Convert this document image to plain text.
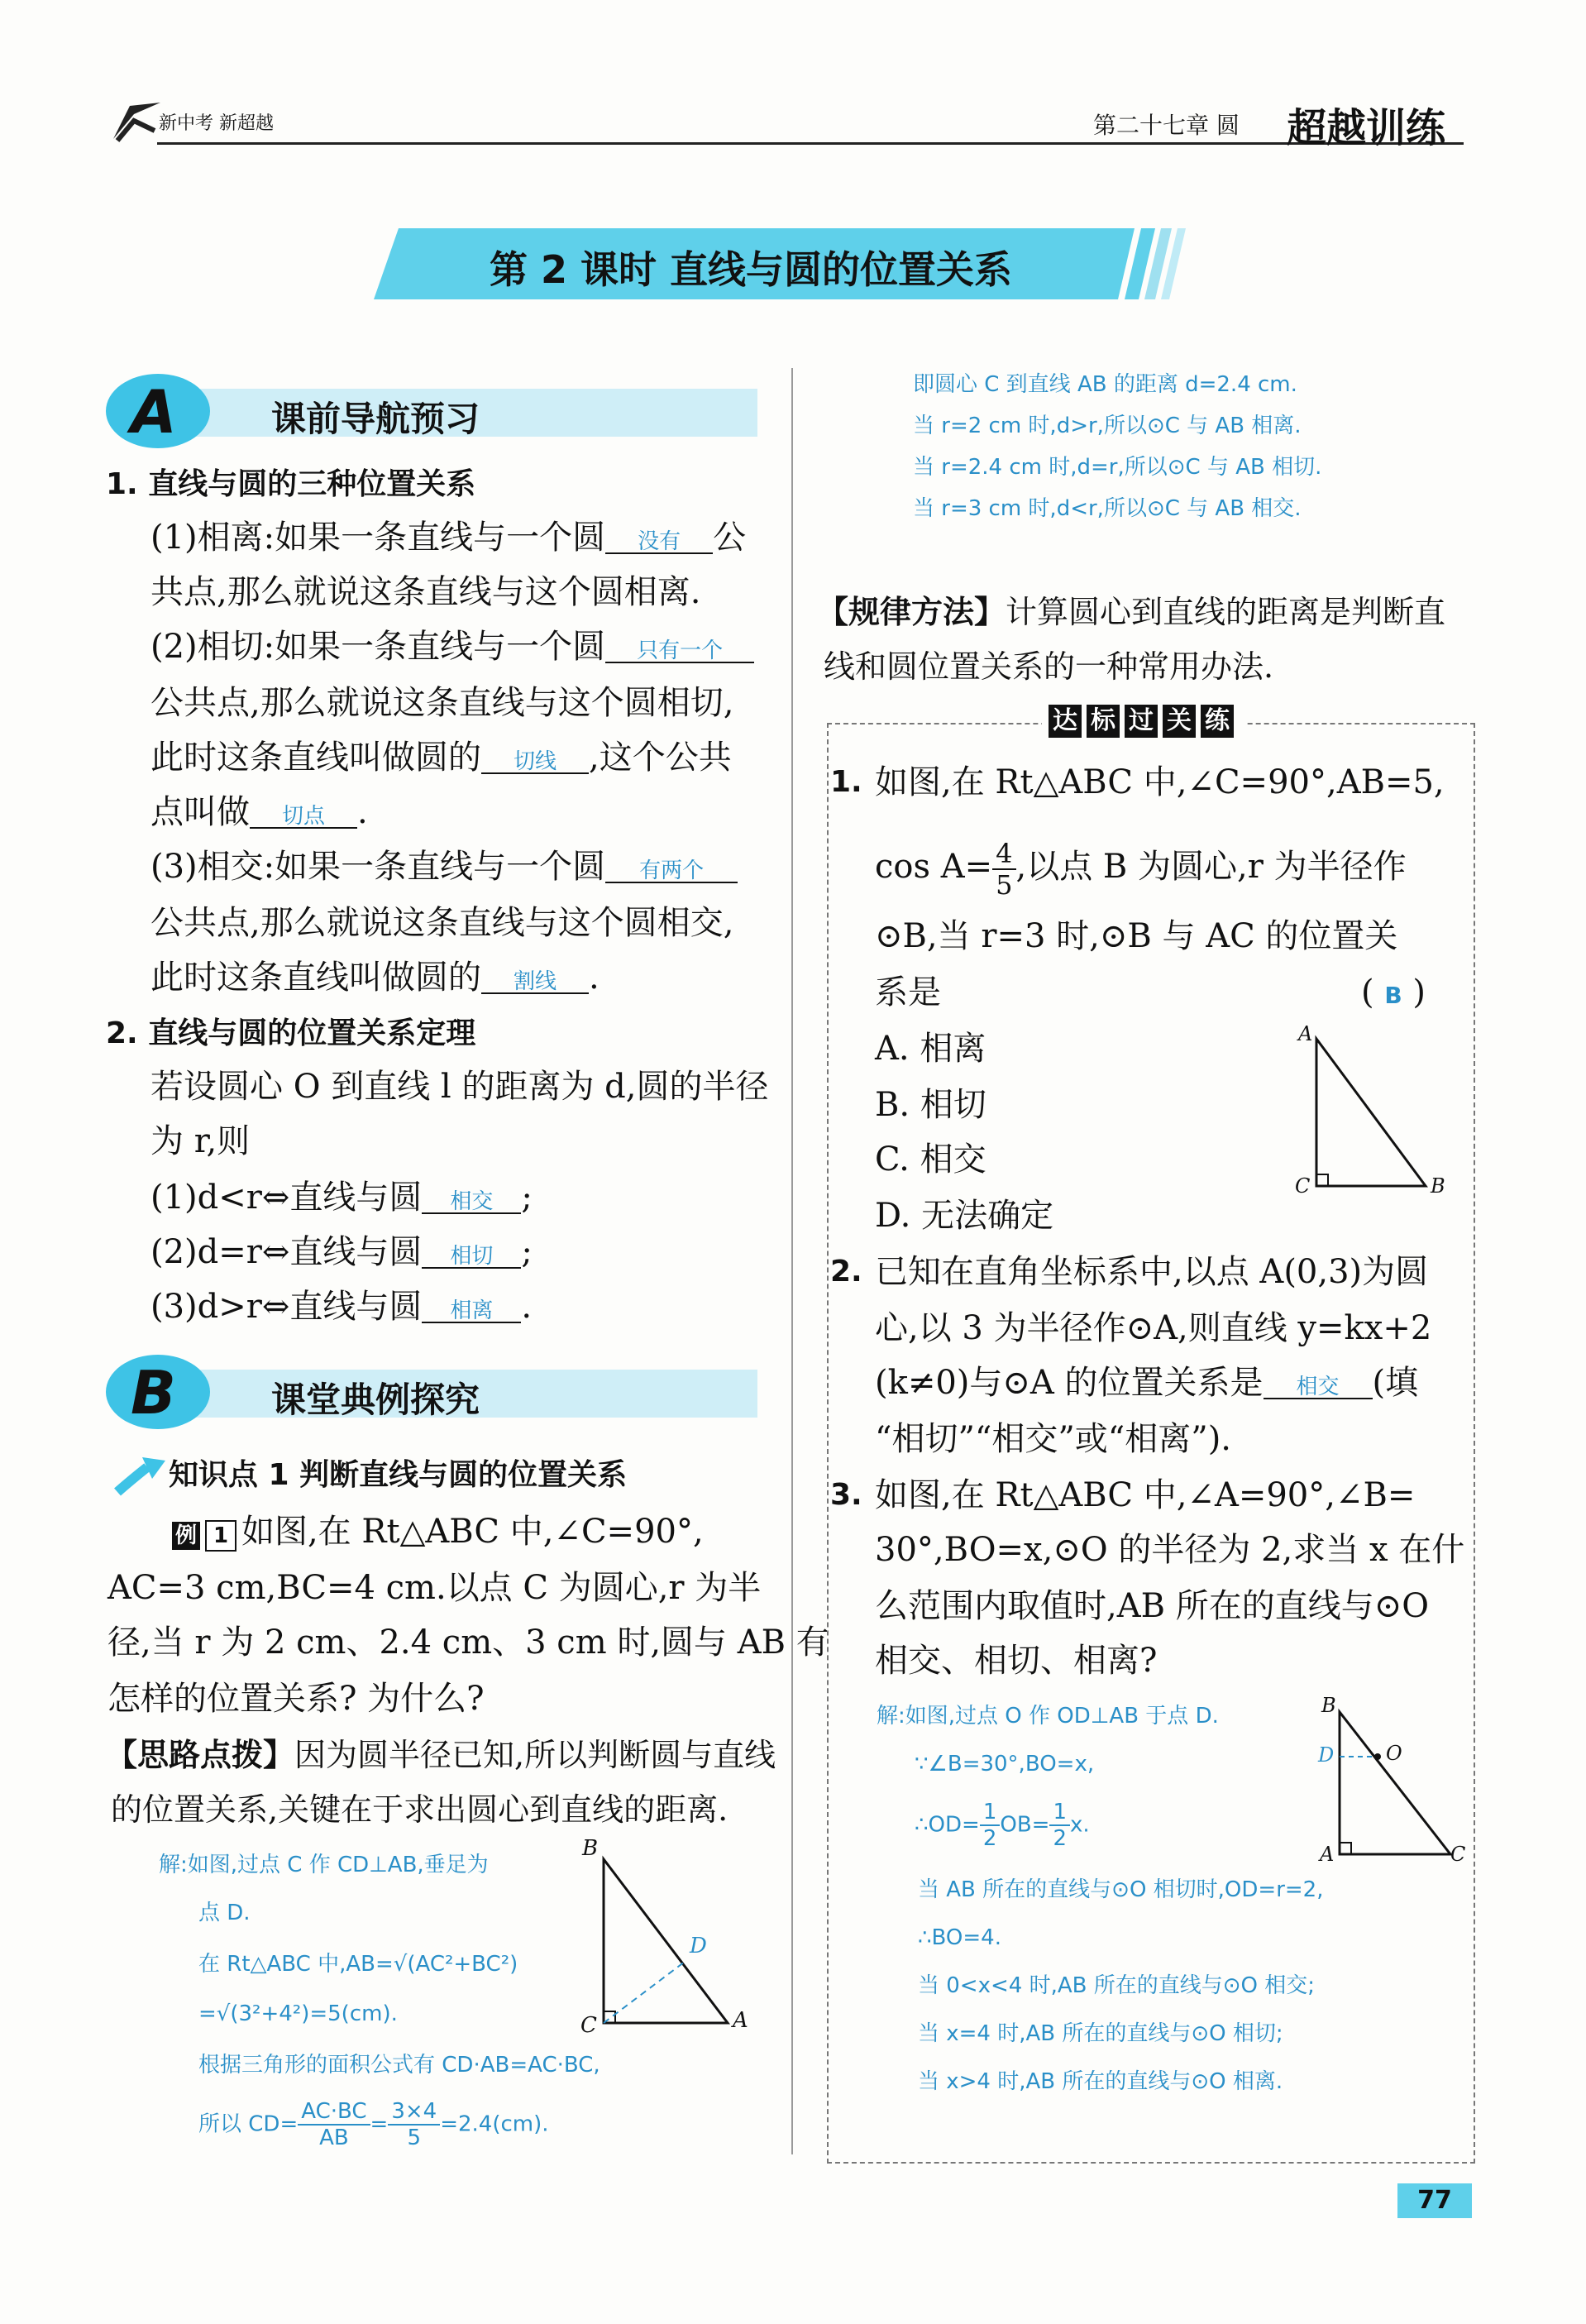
新中考 新超越	第二十七章 圆 超越训练
第 2 课时 直线与圆的位置关系
A	课前导航预习
1. 直线与圆的三种位置关系
(1)相离:如果一条直线与一个圆 没有 公
共点,那么就说这条直线与这个圆相离.
(2)相切:如果一条直线与一个圆 只有一个
公共点,那么就说这条直线与这个圆相切,
此时这条直线叫做圆的 切线 ,这个公共
点叫做 切点 .
(3)相交:如果一条直线与一个圆 有两个
公共点,那么就说这条直线与这个圆相交,
此时这条直线叫做圆的 割线 .
2. 直线与圆的位置关系定理
若设圆心 O 到直线 l 的距离为 d,圆的半径
为 r,则
(1)d<r⇔直线与圆 相交 ;
(2)d=r⇔直线与圆 相切 ;
(3)d>r⇔直线与圆 相离 .
B	课堂典例探究
知识点 1 判断直线与圆的位置关系
例 1 如图,在 Rt△ABC 中,∠C=90°,
AC=3 cm,BC=4 cm.以点 C 为圆心,r 为半
径,当 r 为 2 cm、2.4 cm、3 cm 时,圆与 AB 有
怎样的位置关系? 为什么?
【思路点拨】因为圆半径已知,所以判断圆与直线
的位置关系,关键在于求出圆心到直线的距离.
解:如图,过点 C 作 CD⊥AB,垂足为
点 D.
在 Rt△ABC 中,AB=√(AC²+BC²)
=√(3²+4²)=5(cm).
根据三角形的面积公式有 CD·AB=AC·BC,
所以 $CD= \frac{AC\cdot BC}{AB} = \frac{3\times 4}{5} =2.4(cm)$.
B
C	A
D
即圆心 C 到直线 AB 的距离 d=2.4 cm.
当 r=2 cm 时,d>r,所以⊙C 与 AB 相离.
当 r=2.4 cm 时,d=r,所以⊙C 与 AB 相切.
当 r=3 cm 时,d<r,所以⊙C 与 AB 相交.
【规律方法】计算圆心到直线的距离是判断直
线和圆位置关系的一种常用办法.
达 标 过 关 练
1. 如图,在 Rt△ABC 中,∠C=90°,AB=5,
$\cos A= \frac{4}{5}$ ,以点 B 为圆心,r 为半径作
⊙B,当 r=3 时,⊙B 与 AC 的位置关
系是	( B )
A. 相离
B. 相切
C. 相交
D. 无法确定
A
C	B
2. 已知在直角坐标系中,以点 A(0,3)为圆
心,以 3 为半径作⊙A,则直线 y=kx+2
(k≠0)与⊙A 的位置关系是 相交 (填
“相切”“相交”或“相离”).
3. 如图,在 Rt△ABC 中,∠A=90°,∠B=
30°,BO=x,⊙O 的半径为 2,求当 x 在什
么范围内取值时,AB 所在的直线与⊙O
相交、相切、相离?
解:如图,过点 O 作 OD⊥AB 于点 D.
∵∠B=30°,BO=x,
∴OD= $\frac{1}{2} OB= \frac{1}{2} x$.
当 AB 所在的直线与⊙O 相切时,OD=r=2,
∴BO=4.
当 0<x<4 时,AB 所在的直线与⊙O 相交;
当 x=4 时,AB 所在的直线与⊙O 相切;
当 x>4 时,AB 所在的直线与⊙O 相离.
B
O
D
A	C
77
